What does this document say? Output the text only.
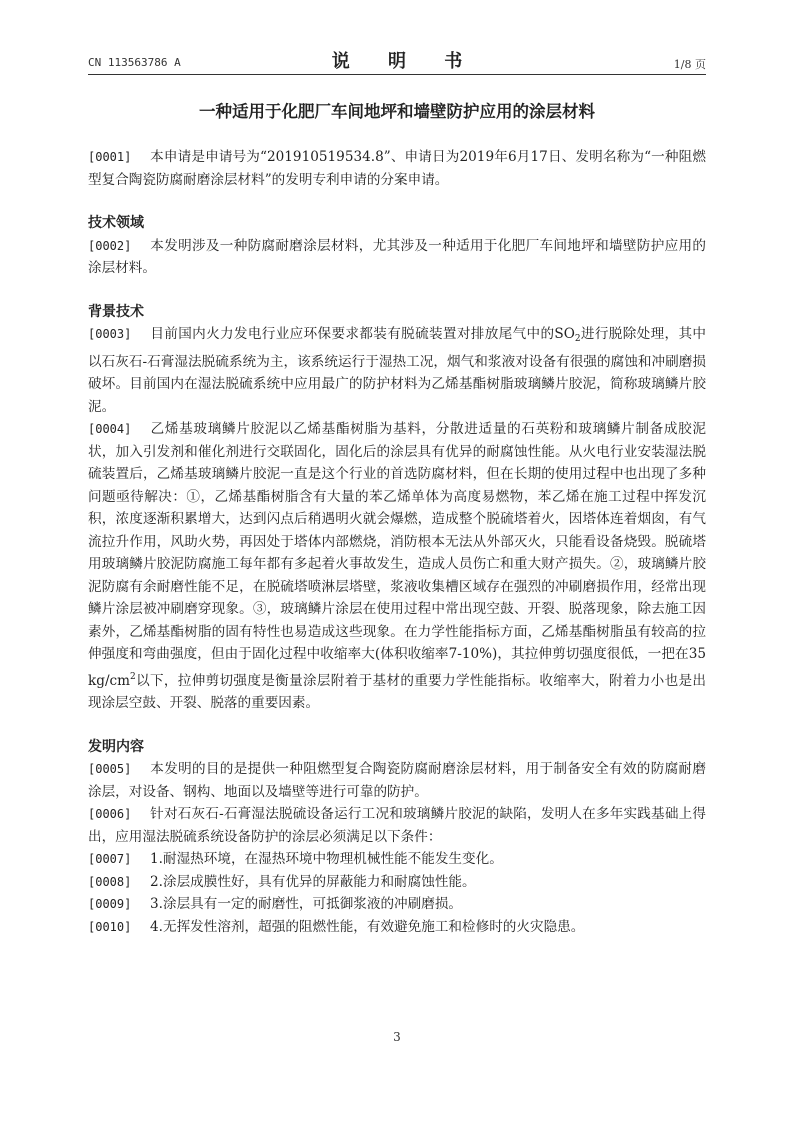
CN 113563786 A	说 明 书	1/8 页
一种适用于化肥厂车间地坪和墙壁防护应用的涂层材料

[0001] 本申请是申请号为“201910519534.8”、申请日为2019年6月17日、发明名称为“一种阻燃型复合陶瓷防腐耐磨涂层材料”的发明专利申请的分案申请。

技术领域

[0002] 本发明涉及一种防腐耐磨涂层材料，尤其涉及一种适用于化肥厂车间地坪和墙壁防护应用的涂层材料。

背景技术

[0003] 目前国内火力发电行业应环保要求都装有脱硫装置对排放尾气中的$SO_2$进行脱除处理，其中以石灰石-石膏湿法脱硫系统为主，该系统运行于湿热工况，烟气和浆液对设备有很强的腐蚀和冲刷磨损破坏。目前国内在湿法脱硫系统中应用最广的防护材料为乙烯基酯树脂玻璃鳞片胶泥，简称玻璃鳞片胶泥。

[0004] 乙烯基玻璃鳞片胶泥以乙烯基酯树脂为基料，分散进适量的石英粉和玻璃鳞片制备成胶泥状，加入引发剂和催化剂进行交联固化，固化后的涂层具有优异的耐腐蚀性能。从火电行业安装湿法脱硫装置后，乙烯基玻璃鳞片胶泥一直是这个行业的首选防腐材料，但在长期的使用过程中也出现了多种问题亟待解决：①，乙烯基酯树脂含有大量的苯乙烯单体为高度易燃物，苯乙烯在施工过程中挥发沉积，浓度逐渐积累增大，达到闪点后稍遇明火就会爆燃，造成整个脱硫塔着火，因塔体连着烟囱，有气流拉升作用，风助火势，再因处于塔体内部燃烧，消防根本无法从外部灭火，只能看设备烧毁。脱硫塔用玻璃鳞片胶泥防腐施工每年都有多起着火事故发生，造成人员伤亡和重大财产损失。②，玻璃鳞片胶泥防腐有余耐磨性能不足，在脱硫塔喷淋层塔壁，浆液收集槽区域存在强烈的冲刷磨损作用，经常出现鳞片涂层被冲刷磨穿现象。③，玻璃鳞片涂层在使用过程中常出现空鼓、开裂、脱落现象，除去施工因素外，乙烯基酯树脂的固有特性也易造成这些现象。在力学性能指标方面，乙烯基酯树脂虽有较高的拉伸强度和弯曲强度，但由于固化过程中收缩率大(体积收缩率7-10%)，其拉伸剪切强度很低，一把在$35kg/cm^2$以下，拉伸剪切强度是衡量涂层附着于基材的重要力学性能指标。收缩率大，附着力小也是出现涂层空鼓、开裂、脱落的重要因素。

发明内容

[0005] 本发明的目的是提供一种阻燃型复合陶瓷防腐耐磨涂层材料，用于制备安全有效的防腐耐磨涂层，对设备、钢构、地面以及墙壁等进行可靠的防护。

[0006] 针对石灰石-石膏湿法脱硫设备运行工况和玻璃鳞片胶泥的缺陷，发明人在多年实践基础上得出，应用湿法脱硫系统设备防护的涂层必须满足以下条件：

[0007] 1.耐湿热环境，在湿热环境中物理机械性能不能发生变化。

[0008] 2.涂层成膜性好，具有优异的屏蔽能力和耐腐蚀性能。

[0009] 3.涂层具有一定的耐磨性，可抵御浆液的冲刷磨损。

[0010] 4.无挥发性溶剂，超强的阻燃性能，有效避免施工和检修时的火灾隐患。

3
